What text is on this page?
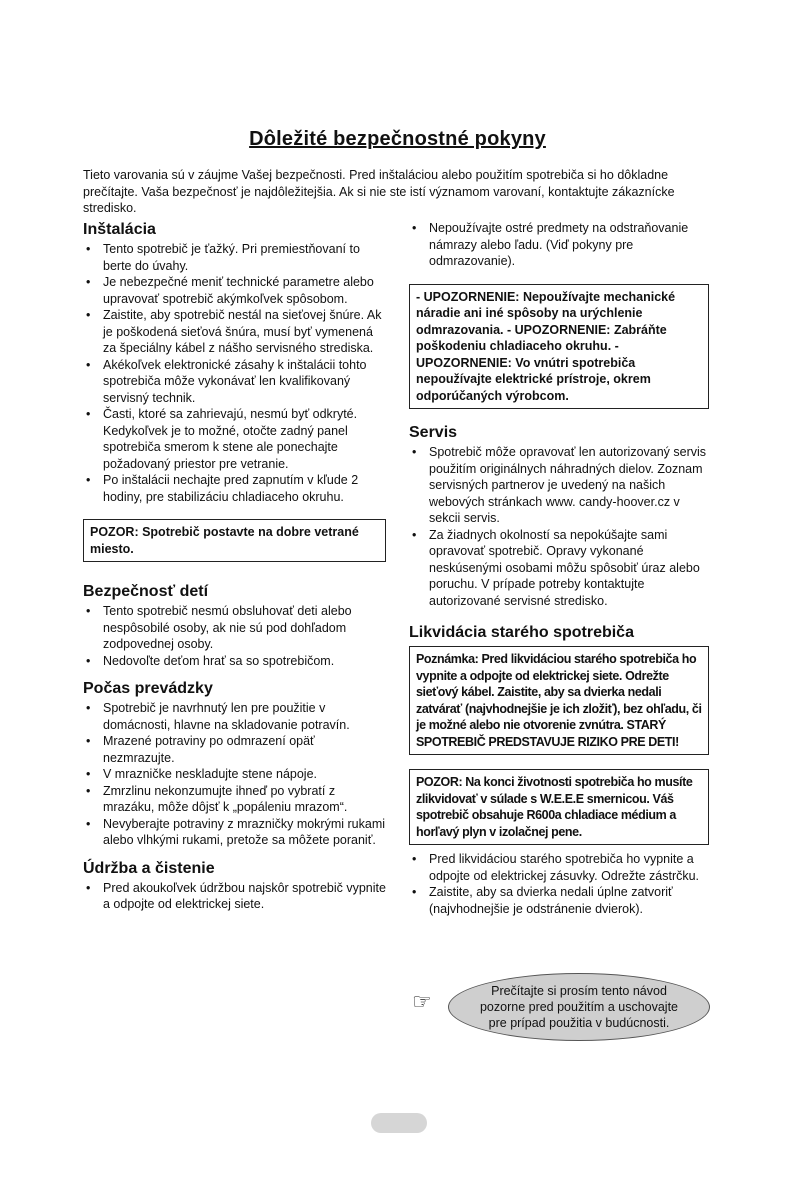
Dôležité bezpečnostné pokyny

Tieto varovania sú v záujme Vašej bezpečnosti. Pred inštaláciou alebo použitím spotrebiča si ho dôkladne prečítajte. Vaša bezpečnosť je najdôležitejšia. Ak si nie ste istí významom varovaní, kontaktujte zákaznícke stredisko.

Inštalácia
• Tento spotrebič je ťažký. Pri premiestňovaní to berte do úvahy.
• Je nebezpečné meniť technické parametre alebo upravovať spotrebič akýmkoľvek spôsobom.
• Zaistite, aby spotrebič nestál na sieťovej šnúre. Ak je poškodená sieťová šnúra, musí byť vymenená za špeciálny kábel z nášho servisného strediska.
• Akékoľvek elektronické zásahy k inštalácii tohto spotrebiča môže vykonávať len kvalifikovaný servisný technik.
• Časti, ktoré sa zahrievajú, nesmú byť odkryté. Kedykoľvek je to možné, otočte zadný panel spotrebiča smerom k stene ale ponechajte požadovaný priestor pre vetranie.
• Po inštalácii nechajte pred zapnutím v kľude 2 hodiny, pre stabilizáciu chladiaceho okruhu.
POZOR: Spotrebič postavte na dobre vetrané miesto.
Bezpečnosť detí
• Tento spotrebič nesmú obsluhovať deti alebo nespôsobilé osoby, ak nie sú pod dohľadom zodpovednej osoby.
• Nedovoľte deťom hrať sa so spotrebičom.
Počas prevádzky
• Spotrebič je navrhnutý len pre použitie v domácnosti, hlavne na skladovanie potravín.
• Mrazené potraviny po odmrazení opäť nezmrazujte.
• V mrazničke neskladujte stene nápoje.
• Zmrzlinu nekonzumujte ihneď po vybratí z mrazáku, môže dôjsť k „popáleniu mrazom“.
• Nevyberajte potraviny z mrazničky mokrými rukami alebo vlhkými rukami, pretože sa môžete poraniť.
Údržba a čistenie
• Pred akoukoľvek údržbou najskôr spotrebič vypnite a odpojte od elektrickej siete.
• Nepoužívajte ostré predmety na odstraňovanie námrazy alebo ľadu. (Viď pokyny pre odmrazovanie).
- UPOZORNENIE: Nepoužívajte mechanické náradie ani iné spôsoby na urýchlenie odmrazovania. - UPOZORNENIE: Zabráňte poškodeniu chladiaceho okruhu. - UPOZORNENIE: Vo vnútri spotrebiča nepoužívajte elektrické prístroje, okrem odporúčaných výrobcom.
Servis
• Spotrebič môže opravovať len autorizovaný servis použitím originálnych náhradných dielov. Zoznam servisných partnerov je uvedený na našich webových stránkach www. candy-hoover.cz v sekcii servis.
• Za žiadnych okolností sa nepokúšajte sami opravovať spotrebič. Opravy vykonané neskúsenými osobami môžu spôsobiť úraz alebo poruchu. V prípade potreby kontaktujte autorizované servisné stredisko.
Likvidácia starého spotrebiča
Poznámka: Pred likvidáciou starého spotrebiča ho vypnite a odpojte od elektrickej siete. Odrežte sieťový kábel. Zaistite, aby sa dvierka nedali zatvárať (najvhodnejšie je ich zložiť), bez ohľadu, či je možné alebo nie otvorenie zvnútra. STARÝ SPOTREBIČ PREDSTAVUJE RIZIKO PRE DETI!
POZOR: Na konci životnosti spotrebiča ho musíte zlikvidovať v súlade s W.E.E.E smernicou. Váš spotrebič obsahuje R600a chladiace médium a horľavý plyn v izolačnej pene.
• Pred likvidáciou starého spotrebiča ho vypnite a odpojte od elektrickej zásuvky. Odrežte zástrčku.
• Zaistite, aby sa dvierka nedali úplne zatvoriť (najvhodnejšie je odstránenie dvierok).
☞	Prečítajte si prosím tento návod pozorne pred použitím a uschovajte pre prípad použitia v budúcnosti.
